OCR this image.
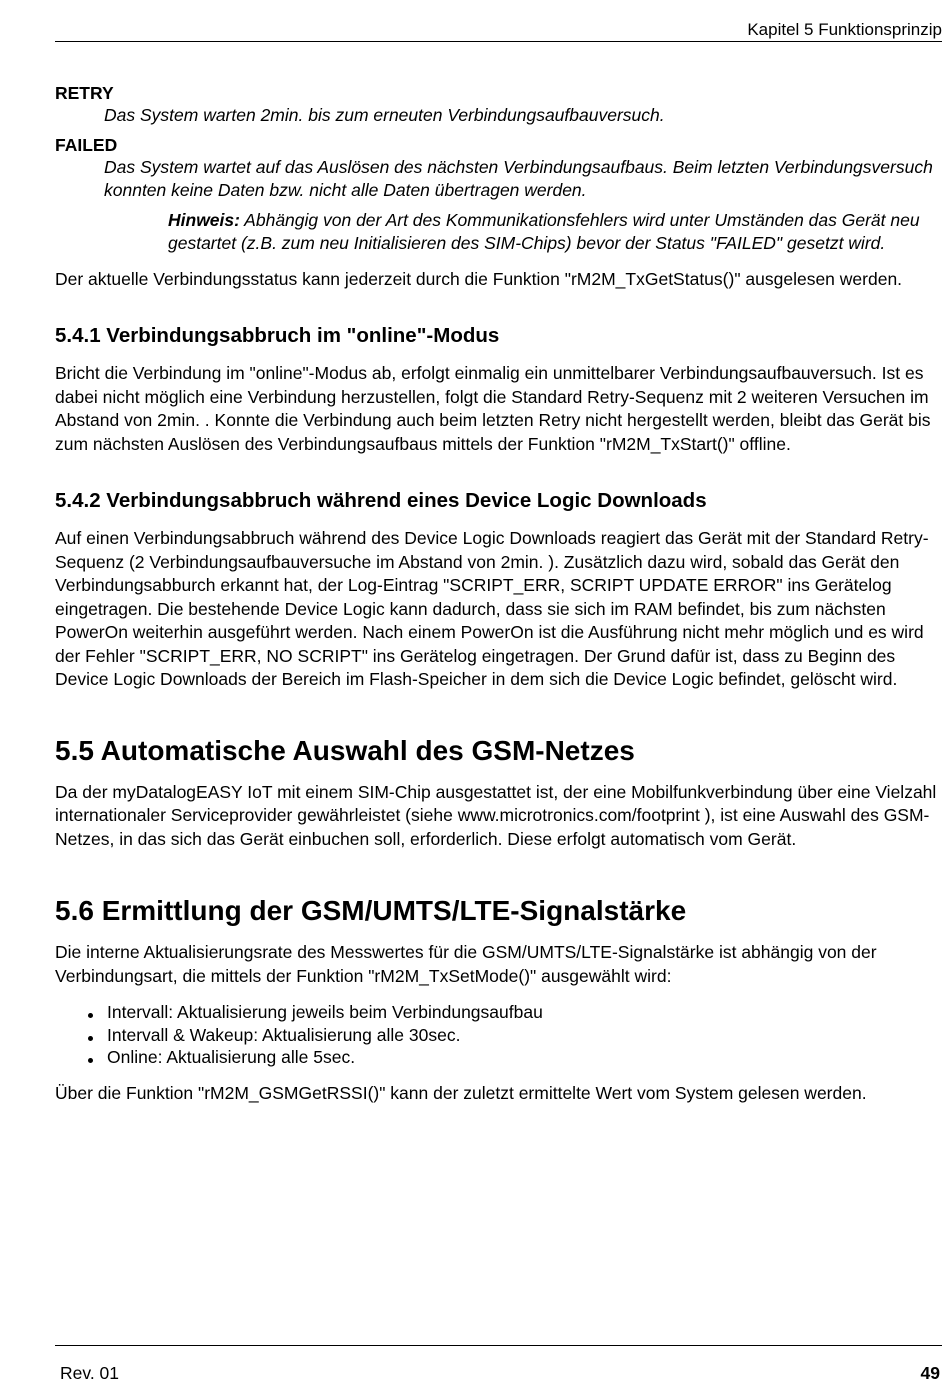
Kapitel 5 Funktionsprinzip

RETRY

Das System warten 2min. bis zum erneuten Verbindungsaufbauversuch.

FAILED

Das System wartet auf das Auslösen des nächsten Verbindungsaufbaus. Beim letzten Verbindungsversuch konnten keine Daten bzw. nicht alle Daten übertragen werden.

Hinweis: Abhängig von der Art des Kommunikationsfehlers wird unter Umständen das Gerät neu gestartet (z.B. zum neu Initialisieren des SIM-Chips) bevor der Status "FAILED" gesetzt wird.

Der aktuelle Verbindungsstatus kann jederzeit durch die Funktion "rM2M_TxGetStatus()" ausgelesen werden.

5.4.1 Verbindungsabbruch im "online"-Modus

Bricht die Verbindung im "online"-Modus ab, erfolgt einmalig ein unmittelbarer Verbindungsaufbauversuch. Ist es dabei nicht möglich eine Verbindung herzustellen, folgt die Standard Retry-Sequenz mit 2 weiteren Versuchen im Abstand von 2min. . Konnte die Verbindung auch beim letzten Retry nicht hergestellt werden, bleibt das Gerät bis zum nächsten Auslösen des Verbindungsaufbaus mittels der Funktion "rM2M_TxStart()" offline.

5.4.2 Verbindungsabbruch während eines Device Logic Downloads

Auf einen Verbindungsabbruch während des Device Logic Downloads reagiert das Gerät mit der Standard Retry-Sequenz (2 Verbindungsaufbauversuche im Abstand von 2min. ). Zusätzlich dazu wird, sobald das Gerät den Verbindungsabburch erkannt hat, der Log-Eintrag "SCRIPT_ERR, SCRIPT UPDATE ERROR" ins Gerätelog eingetragen. Die bestehende Device Logic kann dadurch, dass sie sich im RAM befindet, bis zum nächsten PowerOn weiterhin ausgeführt werden. Nach einem PowerOn ist die Ausführung nicht mehr möglich und es wird der Fehler "SCRIPT_ERR, NO SCRIPT" ins Gerätelog eingetragen. Der Grund dafür ist, dass zu Beginn des Device Logic Downloads der Bereich im Flash-Speicher in dem sich die Device Logic befindet, gelöscht wird.

5.5 Automatische Auswahl des GSM-Netzes

Da der myDatalogEASY IoT mit einem SIM-Chip ausgestattet ist, der eine Mobilfunkverbindung über eine Vielzahl internationaler Serviceprovider gewährleistet (siehe www.microtronics.com/footprint ), ist eine Auswahl des GSM-Netzes, in das sich das Gerät einbuchen soll, erforderlich. Diese erfolgt automatisch vom Gerät.

5.6 Ermittlung der GSM/UMTS/LTE-Signalstärke

Die interne Aktualisierungsrate des Messwertes für die GSM/UMTS/LTE-Signalstärke ist abhängig von der Verbindungsart, die mittels der Funktion "rM2M_TxSetMode()" ausgewählt wird:

Intervall: Aktualisierung jeweils beim Verbindungsaufbau
Intervall & Wakeup: Aktualisierung alle 30sec.
Online: Aktualisierung alle 5sec.

Über die Funktion "rM2M_GSMGetRSSI()" kann der zuletzt ermittelte Wert vom System gelesen werden.

Rev. 01	49
